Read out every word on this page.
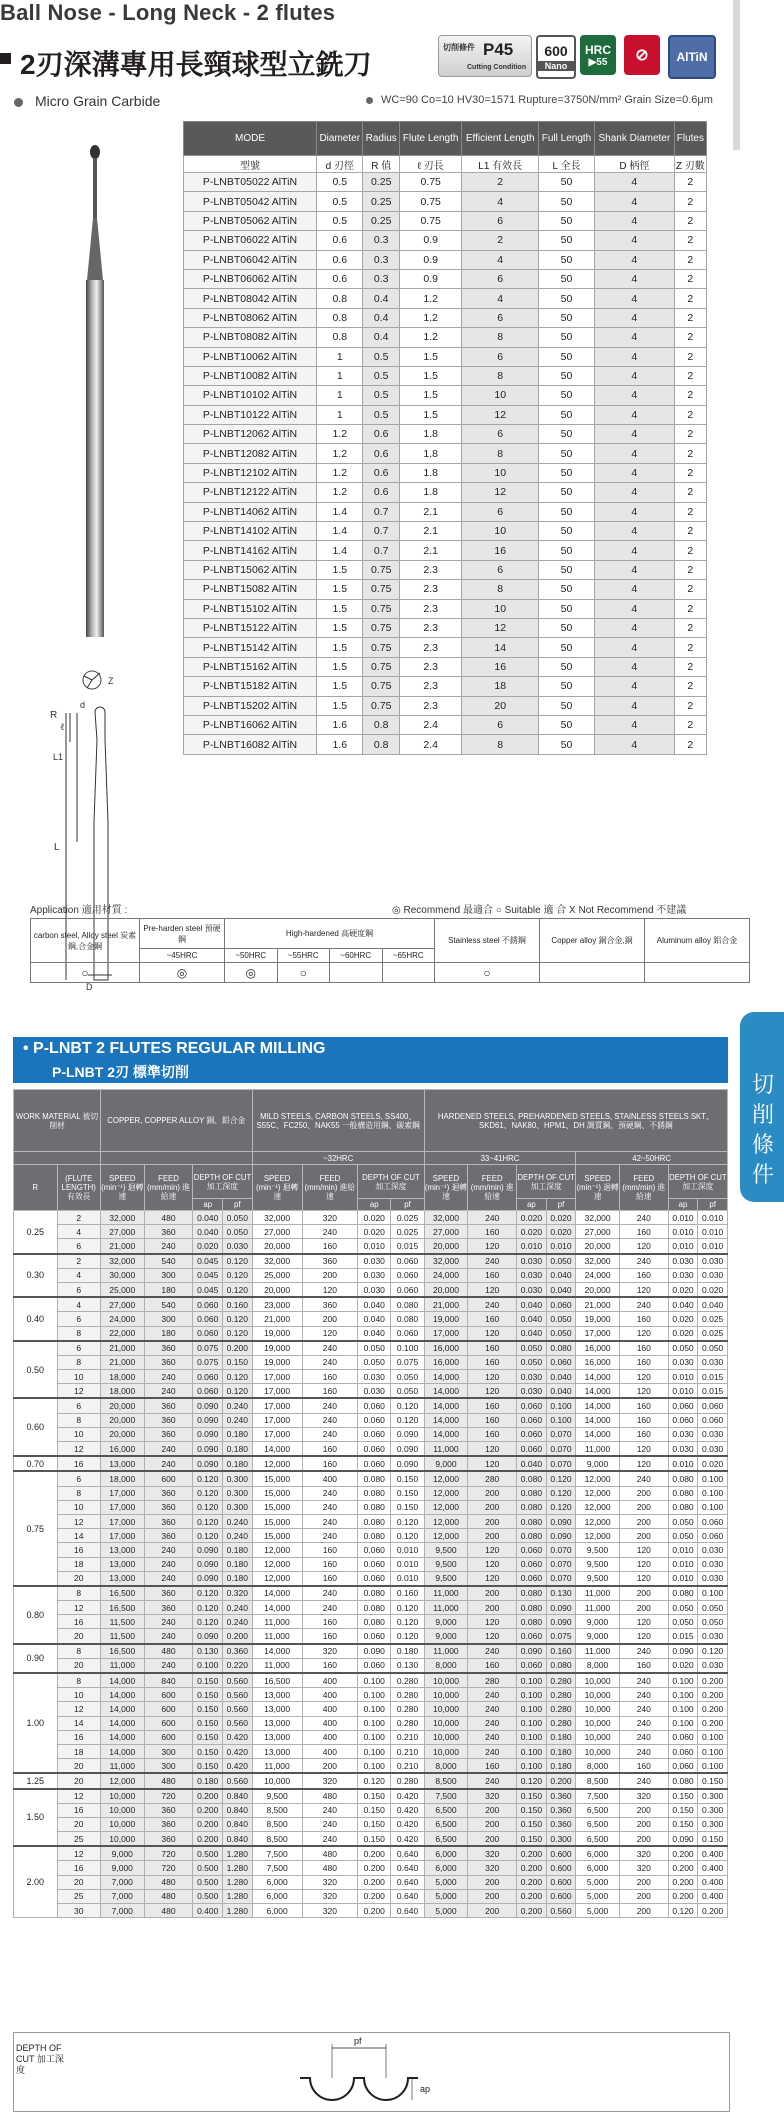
Ball Nose - Long Neck - 2 flutes
2刃深溝專用長頸球型立銑刀
Micro Grain Carbide	WC=90 Co=10 HV30=1571 Rupture=3750N/mm² Grain Size=0.6μm
切削條件 P45
Cutting Condition
600
Nano
HRC
▶55	⊘	AlTiN
Z
R
d
ℓ
L1
L
D
MODE	Diameter	Radius	Flute Length	Efficient Length	Full Length	Shank Diameter	Flutes
型號	d 刃徑	R 值	ℓ 刃長	L1 有效長	L 全長	D 柄徑	Z 刃數
P-LNBT05022 AlTiN	0.5	0.25	0.75	2	50	4	2
P-LNBT05042 AlTiN	0.5	0.25	0.75	4	50	4	2
P-LNBT05062 AlTiN	0.5	0.25	0.75	6	50	4	2
P-LNBT06022 AlTiN	0.6	0.3	0.9	2	50	4	2
P-LNBT06042 AlTiN	0.6	0.3	0.9	4	50	4	2
P-LNBT06062 AlTiN	0.6	0.3	0.9	6	50	4	2
P-LNBT08042 AlTiN	0.8	0.4	1.2	4	50	4	2
P-LNBT08062 AlTiN	0.8	0.4	1.2	6	50	4	2
P-LNBT08082 AlTiN	0.8	0.4	1.2	8	50	4	2
P-LNBT10062 AlTiN	1	0.5	1.5	6	50	4	2
P-LNBT10082 AlTiN	1	0.5	1.5	8	50	4	2
P-LNBT10102 AlTiN	1	0.5	1.5	10	50	4	2
P-LNBT10122 AlTiN	1	0.5	1.5	12	50	4	2
P-LNBT12062 AlTiN	1.2	0.6	1.8	6	50	4	2
P-LNBT12082 AlTiN	1.2	0.6	1.8	8	50	4	2
P-LNBT12102 AlTiN	1.2	0.6	1.8	10	50	4	2
P-LNBT12122 AlTiN	1.2	0.6	1.8	12	50	4	2
P-LNBT14062 AlTiN	1.4	0.7	2.1	6	50	4	2
P-LNBT14102 AlTiN	1.4	0.7	2.1	10	50	4	2
P-LNBT14162 AlTiN	1.4	0.7	2.1	16	50	4	2
P-LNBT15062 AlTiN	1.5	0.75	2.3	6	50	4	2
P-LNBT15082 AlTiN	1.5	0.75	2.3	8	50	4	2
P-LNBT15102 AlTiN	1.5	0.75	2.3	10	50	4	2
P-LNBT15122 AlTiN	1.5	0.75	2.3	12	50	4	2
P-LNBT15142 AlTiN	1.5	0.75	2.3	14	50	4	2
P-LNBT15162 AlTiN	1.5	0.75	2.3	16	50	4	2
P-LNBT15182 AlTiN	1.5	0.75	2.3	18	50	4	2
P-LNBT15202 AlTiN	1.5	0.75	2.3	20	50	4	2
P-LNBT16062 AlTiN	1.6	0.8	2.4	6	50	4	2
P-LNBT16082 AlTiN	1.6	0.8	2.4	8	50	4	2
Application 適用材質 :	◎ Recommend 最適合 ○ Suitable 適 合 X Not Recommend 不建議
carbon steel, Alloy steel 炭素鋼,合金鋼	Pre-harden steel 預硬鋼	High-hardened 高硬度鋼				Stainless steel 不銹鋼	Copper alloy 銅合金,銅	Aluminum alloy 鋁合金
	~45HRC	~50HRC	~55HRC	~60HRC	~65HRC			
○	◎	◎	○			○		
切削條件
• P-LNBT 2 FLUTES REGULAR MILLING
P-LNBT 2刃 標準切削
WORK MATERIAL 被切削材		COPPER, COPPER ALLOY 銅、鋁合金				MILD STEELS, CARBON STEELS, SS400、S55C、FC250、NAK55 一般構造用鋼、碳素鋼				HARDENED STEELS, PREHARDENED STEELS, STAINLESS STEELS SKT、SKD61、NAK80、HPM1、DH 調質鋼、預硬鋼、不銹鋼							
						~32HRC				33~41HRC				42~50HRC			
R	(FLUTE LENGTH) 有效長	SPEED (min⁻¹) 迴轉速	FEED (mm/min) 進給速	DEPTH OF CUT 加工深度		SPEED (min⁻¹) 迴轉速	FEED (mm/min) 進給速	DEPTH OF CUT 加工深度		SPEED (min⁻¹) 迴轉速	FEED (mm/min) 進給速	DEPTH OF CUT 加工深度		SPEED (min⁻¹) 迴轉速	FEED (mm/min) 進給速	DEPTH OF CUT 加工深度	
				ap	pf			ap	pf			ap	pf			ap	pf
0.25	2	32,000	480	0.040	0.050	32,000	320	0.020	0.025	32,000	240	0.020	0.020	32,000	240	0.010	0.010
	4	27,000	360	0.040	0.050	27,000	240	0.020	0.025	27,000	160	0.020	0.020	27,000	160	0.010	0.010
	6	21,000	240	0.020	0.030	20,000	160	0.010	0.015	20,000	120	0.010	0.010	20,000	120	0.010	0.010
0.30	2	32,000	540	0.045	0.120	32,000	360	0.030	0.060	32,000	240	0.030	0.050	32,000	240	0.030	0.030
	4	30,000	300	0.045	0.120	25,000	200	0.030	0.060	24,000	160	0.030	0.040	24,000	160	0.030	0.030
	6	25,000	180	0.045	0.120	20,000	120	0.030	0.060	20,000	120	0.030	0.040	20,000	120	0.020	0.020
0.40	4	27,000	540	0.060	0.160	23,000	360	0.040	0.080	21,000	240	0.040	0.060	21,000	240	0.040	0.040
	6	24,000	300	0.060	0.120	21,000	200	0.040	0.080	19,000	160	0.040	0.050	19,000	160	0.020	0.025
	8	22,000	180	0.060	0.120	19,000	120	0.040	0.060	17,000	120	0.040	0.050	17,000	120	0.020	0.025
0.50	6	21,000	360	0.075	0.200	19,000	240	0.050	0.100	16,000	160	0.050	0.080	16,000	160	0.050	0.050
	8	21,000	360	0.075	0.150	19,000	240	0.050	0.075	16,000	160	0.050	0.060	16,000	160	0.030	0.030
	10	18,000	240	0.060	0.120	17,000	160	0.030	0.050	14,000	120	0.030	0.040	14,000	120	0.010	0.015
	12	18,000	240	0.060	0.120	17,000	160	0.030	0.050	14,000	120	0.030	0.040	14,000	120	0.010	0.015
0.60	6	20,000	360	0.090	0.240	17,000	240	0.060	0.120	14,000	160	0.060	0.100	14,000	160	0.060	0.060
	8	20,000	360	0.090	0.240	17,000	240	0.060	0.120	14,000	160	0.060	0.100	14,000	160	0.060	0.060
	10	20,000	360	0.090	0.180	17,000	240	0.060	0.090	14,000	160	0.060	0.070	14,000	160	0.030	0.030
	12	16,000	240	0.090	0.180	14,000	160	0.060	0.090	11,000	120	0.060	0.070	11,000	120	0.030	0.030
0.70	16	13,000	240	0.090	0.180	12,000	160	0.060	0.090	9,000	120	0.040	0.070	9,000	120	0.010	0.020
0.75	6	18,000	600	0.120	0.300	15,000	400	0.080	0.150	12,000	280	0.080	0.120	12,000	240	0.080	0.100
	8	17,000	360	0.120	0.300	15,000	240	0.080	0.150	12,000	200	0.080	0.120	12,000	200	0.080	0.100
	10	17,000	360	0.120	0.300	15,000	240	0.080	0.150	12,000	200	0.080	0.120	12,000	200	0.080	0.100
	12	17,000	360	0.120	0.240	15,000	240	0.080	0.120	12,000	200	0.080	0.090	12,000	200	0.050	0.060
	14	17,000	360	0.120	0.240	15,000	240	0.080	0.120	12,000	200	0.080	0.090	12,000	200	0.050	0.060
	16	13,000	240	0.090	0.180	12,000	160	0.060	0.010	9,500	120	0.060	0.070	9,500	120	0.010	0.030
	18	13,000	240	0.090	0.180	12,000	160	0.060	0.010	9,500	120	0.060	0.070	9,500	120	0.010	0.030
	20	13,000	240	0.090	0.180	12,000	160	0.060	0.010	9,500	120	0.060	0.070	9,500	120	0.010	0.030
0.80	8	16,500	360	0.120	0.320	14,000	240	0.080	0.160	11,000	200	0.080	0.130	11,000	200	0.080	0.100
	12	16,500	360	0.120	0.240	14,000	240	0.080	0.120	11,000	200	0.080	0.090	11,000	200	0.050	0.050
	16	11,500	240	0.120	0.240	11,000	160	0.080	0.120	9,000	120	0.080	0.090	9,000	120	0.050	0.050
	20	11,500	240	0.090	0.200	11,000	160	0.060	0.120	9,000	120	0.060	0.075	9,000	120	0.015	0.030
0.90	8	16,500	480	0.130	0.360	14,000	320	0.090	0.180	11,000	240	0.090	0.160	11,000	240	0.090	0.120
	20	11,000	240	0.100	0.220	11,000	160	0.060	0.130	8,000	160	0.060	0.080	8,000	160	0.020	0.030
1.00	8	14,000	840	0.150	0.560	16,500	400	0.100	0.280	10,000	280	0.100	0.280	10,000	240	0.100	0.200
	10	14,000	600	0.150	0.560	13,000	400	0.100	0.280	10,000	240	0.100	0.280	10,000	240	0.100	0.200
	12	14,000	600	0.150	0.560	13,000	400	0.100	0.280	10,000	240	0.100	0.280	10,000	240	0.100	0.200
	14	14,000	600	0.150	0.560	13,000	400	0.100	0.280	10,000	240	0.100	0.280	10,000	240	0.100	0.200
	16	14,000	600	0.150	0.420	13,000	400	0.100	0.210	10,000	240	0.100	0.180	10,000	240	0.060	0.100
	18	14,000	300	0.150	0.420	13,000	400	0.100	0.210	10,000	240	0.100	0.180	10,000	240	0.060	0.100
	20	11,000	300	0.150	0.420	11,000	200	0.100	0.210	8,000	160	0.100	0.180	8,000	160	0.060	0.100
1.25	20	12,000	480	0.180	0.560	10,000	320	0.120	0.280	8,500	240	0.120	0.200	8,500	240	0.080	0.150
1.50	12	10,000	720	0.200	0.840	9,500	480	0.150	0.420	7,500	320	0.150	0.360	7,500	320	0.150	0.300
	16	10,000	360	0.200	0.840	8,500	240	0.150	0.420	6,500	200	0.150	0.360	6,500	200	0.150	0.300
	20	10,000	360	0.200	0.840	8,500	240	0.150	0.420	6,500	200	0.150	0.360	6,500	200	0.150	0.300
	25	10,000	360	0.200	0.840	8,500	240	0.150	0.420	6,500	200	0.150	0.300	6,500	200	0.090	0.150
2.00	12	9,000	720	0.500	1.280	7,500	480	0.200	0.640	6,000	320	0.200	0.600	6,000	320	0.200	0.400
	16	9,000	720	0.500	1.280	7,500	480	0.200	0.640	6,000	320	0.200	0.600	6,000	320	0.200	0.400
	20	7,000	480	0.500	1.280	6,000	320	0.200	0.640	5,000	200	0.200	0.600	5,000	200	0.200	0.400
	25	7,000	480	0.500	1.280	6,000	320	0.200	0.640	5,000	200	0.200	0.600	5,000	200	0.200	0.400
	30	7,000	480	0.400	1.280	6,000	320	0.200	0.640	5,000	200	0.200	0.560	5,000	200	0.120	0.200
DEPTH OF CUT 加工深度
pf
ap
